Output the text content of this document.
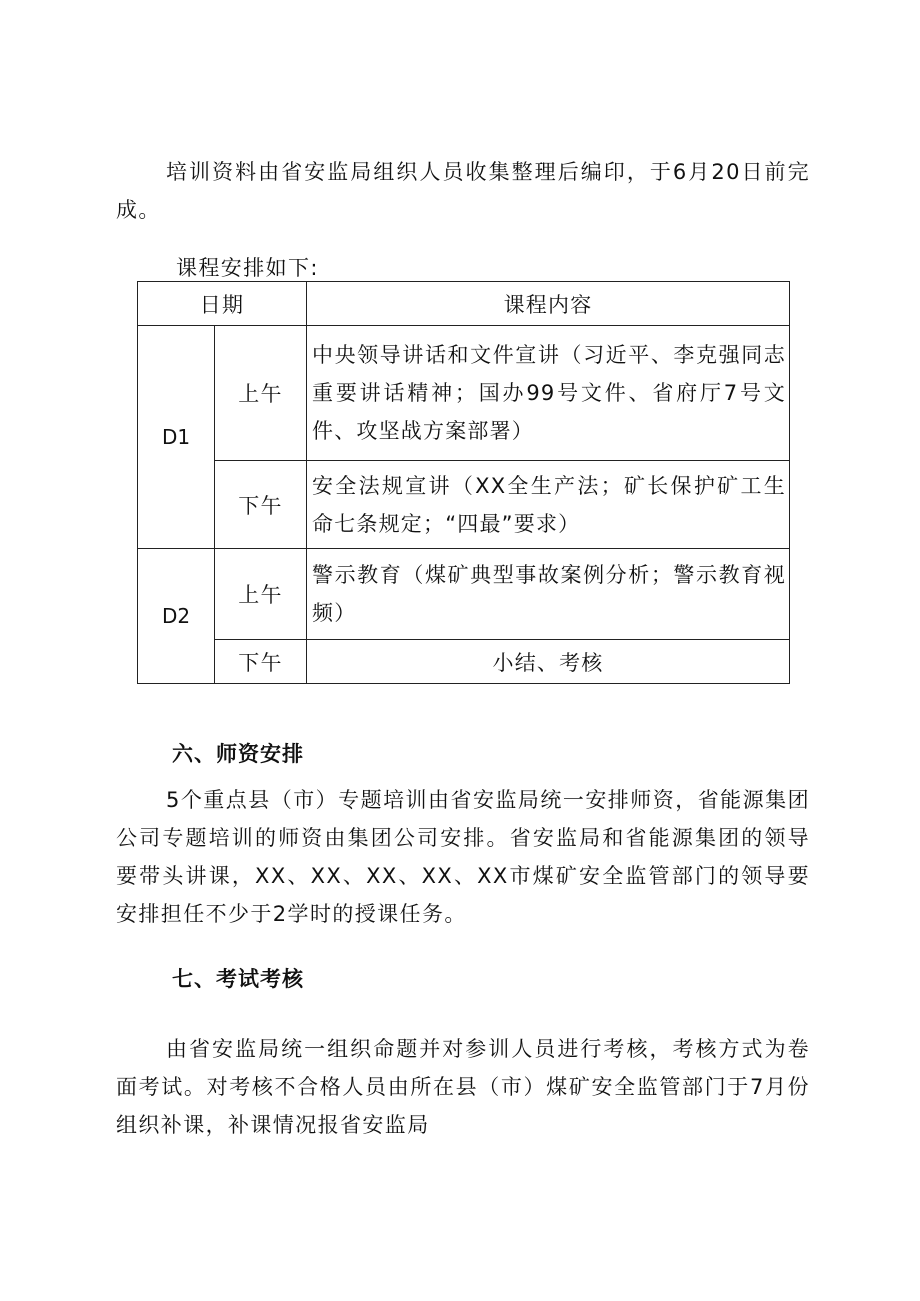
培训资料由省安监局组织人员收集整理后编印，于6月20日前完成。

课程安排如下:

日期		课程内容
D1	上午	中央领导讲话和文件宣讲（习近平、李克强同志重要讲话精神；国办99号文件、省府厅7号文件、攻坚战方案部署）

	下午	安全法规宣讲（XX全生产法；矿长保护矿工生命七条规定；“四最”要求）

D2	上午	警示教育（煤矿典型事故案例分析；警示教育视频）

	下午	小结、考核
六、师资安排

5个重点县（市）专题培训由省安监局统一安排师资，省能源集团公司专题培训的师资由集团公司安排。省安监局和省能源集团的领导要带头讲课，XX、XX、XX、XX、XX市煤矿安全监管部门的领导要安排担任不少于2学时的授课任务。

七、考试考核

由省安监局统一组织命题并对参训人员进行考核，考核方式为卷面考试。对考核不合格人员由所在县（市）煤矿安全监管部门于7月份组织补课，补课情况报省安监局
